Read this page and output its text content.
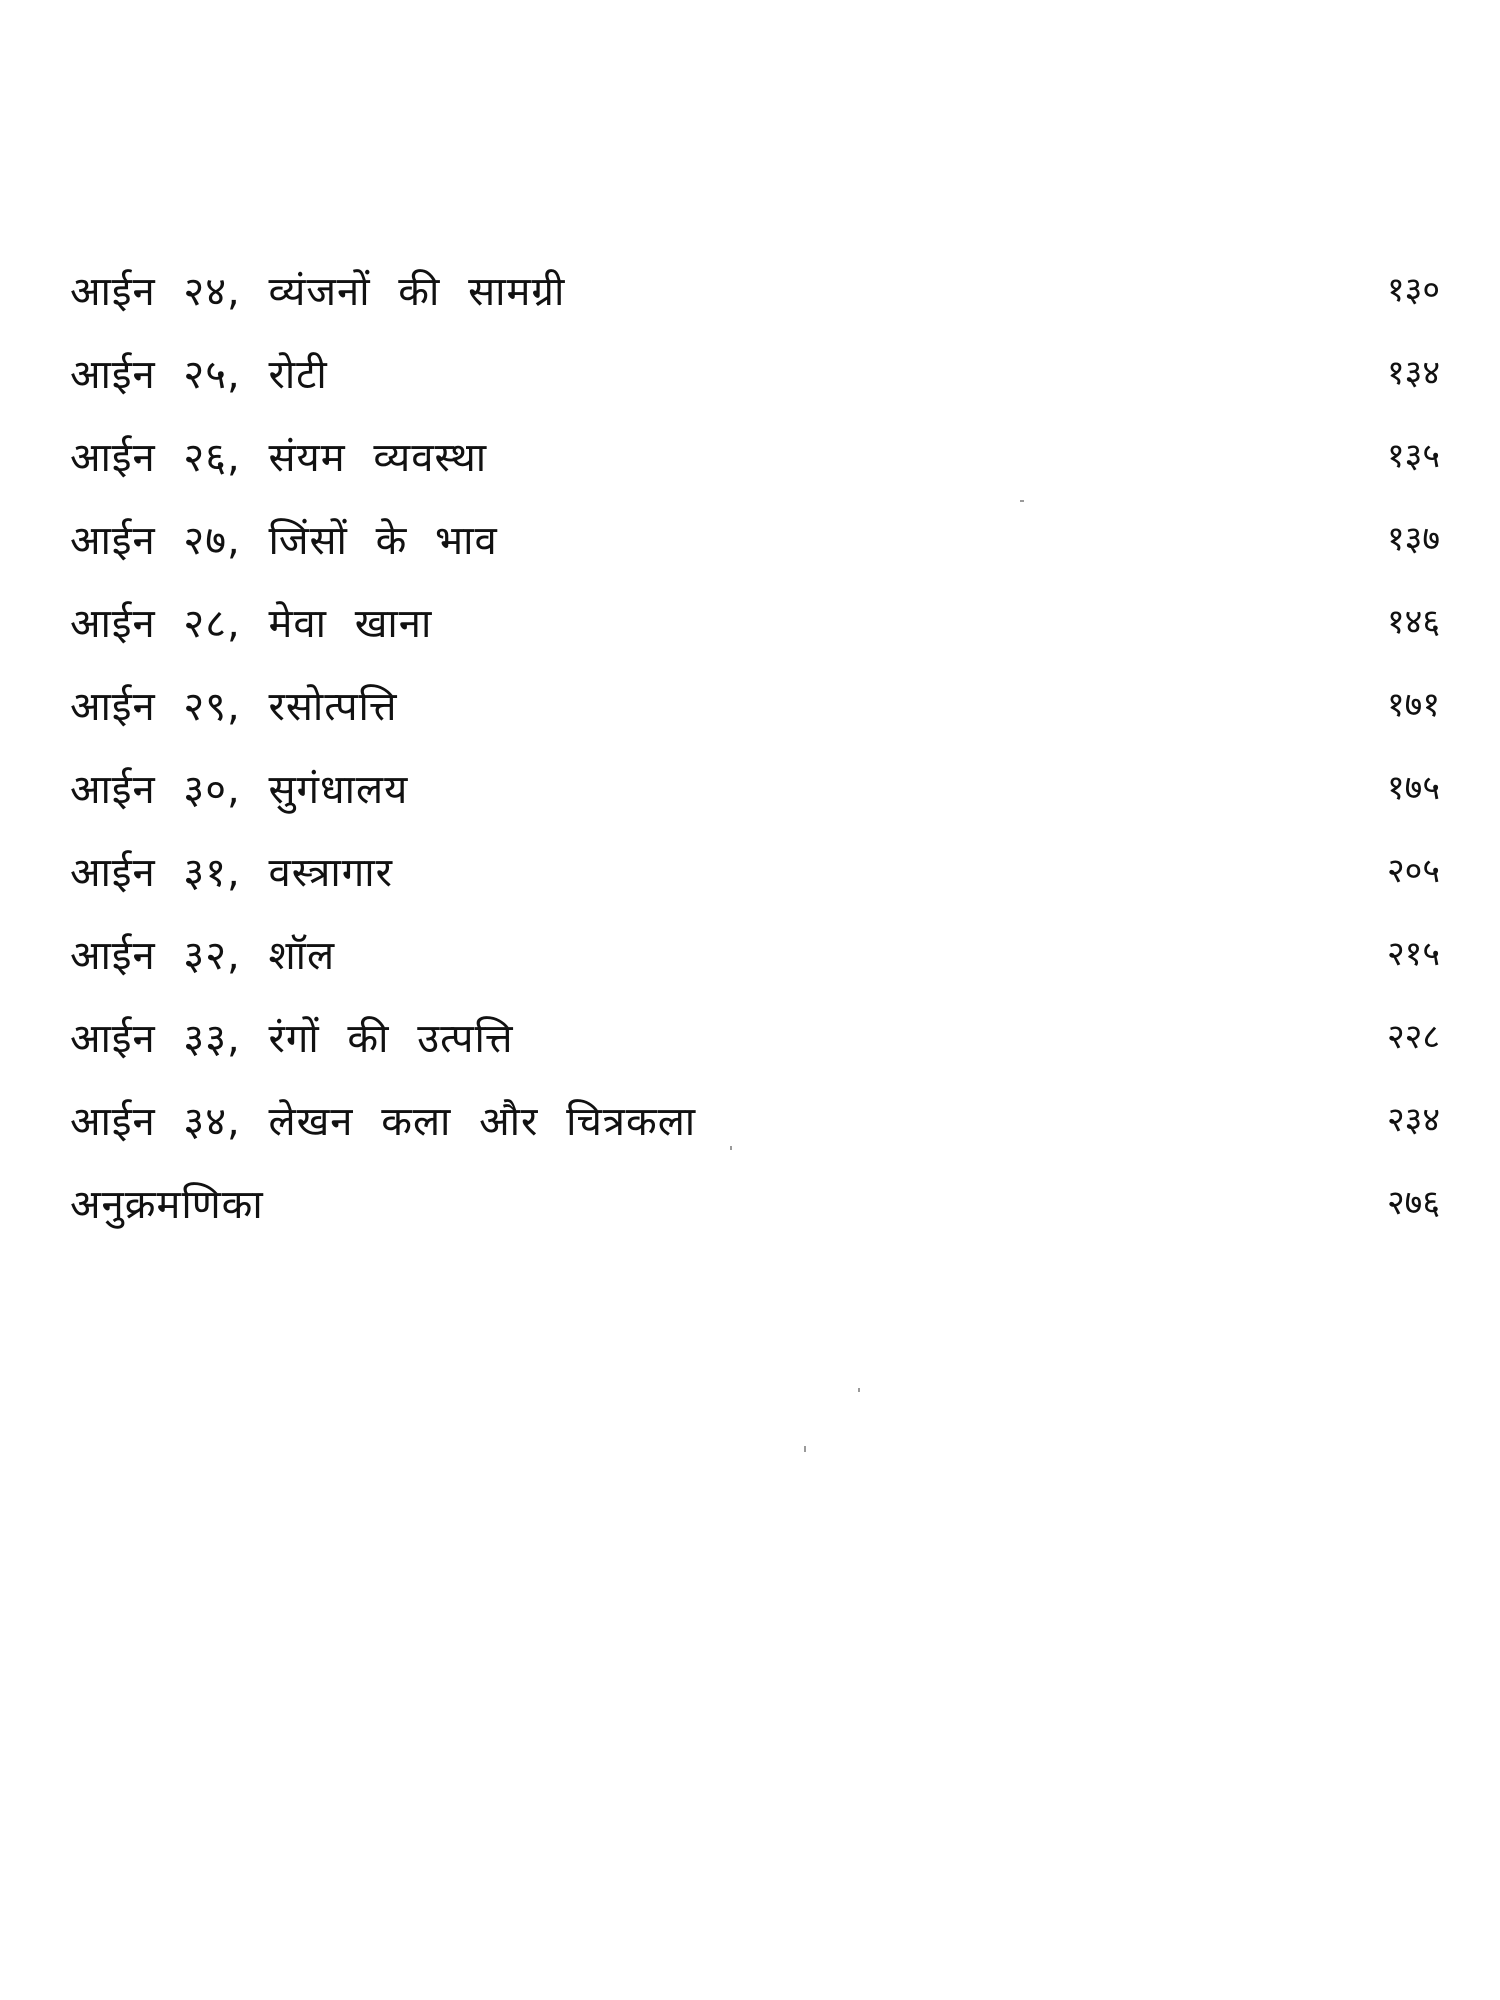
आईन २४, व्यंजनों की सामग्री	१३०
आईन २५, रोटी	१३४
आईन २६, संयम व्यवस्था	१३५
आईन २७, जिंसों के भाव	१३७
आईन २८, मेवा खाना	१४६
आईन २९, रसोत्पत्ति	१७१
आईन ३०, सुगंधालय	१७५
आईन ३१, वस्त्रागार	२०५
आईन ३२, शॉल	२१५
आईन ३३, रंगों की उत्पत्ति	२२८
आईन ३४, लेखन कला और चित्रकला	२३४
अनुक्रमणिका	२७६
